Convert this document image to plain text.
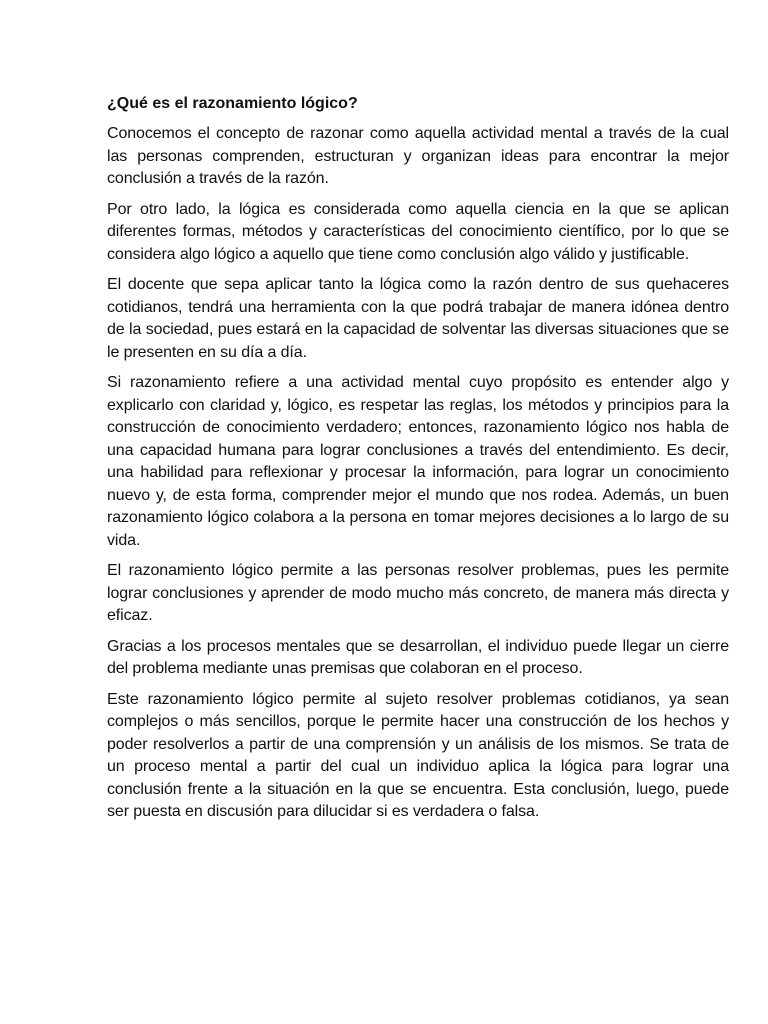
¿Qué es el razonamiento lógico?

Conocemos el concepto de razonar como aquella actividad mental a través de la cual las personas comprenden, estructuran y organizan ideas para encontrar la mejor conclusión a través de la razón.

Por otro lado, la lógica es considerada como aquella ciencia en la que se aplican diferentes formas, métodos y características del conocimiento científico, por lo que se considera algo lógico a aquello que tiene como conclusión algo válido y justificable.

El docente que sepa aplicar tanto la lógica como la razón dentro de sus quehaceres cotidianos, tendrá una herramienta con la que podrá trabajar de manera idónea dentro de la sociedad, pues estará en la capacidad de solventar las diversas situaciones que se le presenten en su día a día.

Si razonamiento refiere a una actividad mental cuyo propósito es entender algo y explicarlo con claridad y, lógico, es respetar las reglas, los métodos y principios para la construcción de conocimiento verdadero; entonces, razonamiento lógico nos habla de una capacidad humana para lograr conclusiones a través del entendimiento. Es decir, una habilidad para reflexionar y procesar la información, para lograr un conocimiento nuevo y, de esta forma, comprender mejor el mundo que nos rodea. Además, un buen razonamiento lógico colabora a la persona en tomar mejores decisiones a lo largo de su vida.

El razonamiento lógico permite a las personas resolver problemas, pues les permite lograr conclusiones y aprender de modo mucho más concreto, de manera más directa y eficaz.

Gracias a los procesos mentales que se desarrollan, el individuo puede llegar un cierre del problema mediante unas premisas que colaboran en el proceso.

Este razonamiento lógico permite al sujeto resolver problemas cotidianos, ya sean complejos o más sencillos, porque le permite hacer una construcción de los hechos y poder resolverlos a partir de una comprensión y un análisis de los mismos. Se trata de un proceso mental a partir del cual un individuo aplica la lógica para lograr una conclusión frente a la situación en la que se encuentra. Esta conclusión, luego, puede ser puesta en discusión para dilucidar si es verdadera o falsa.
